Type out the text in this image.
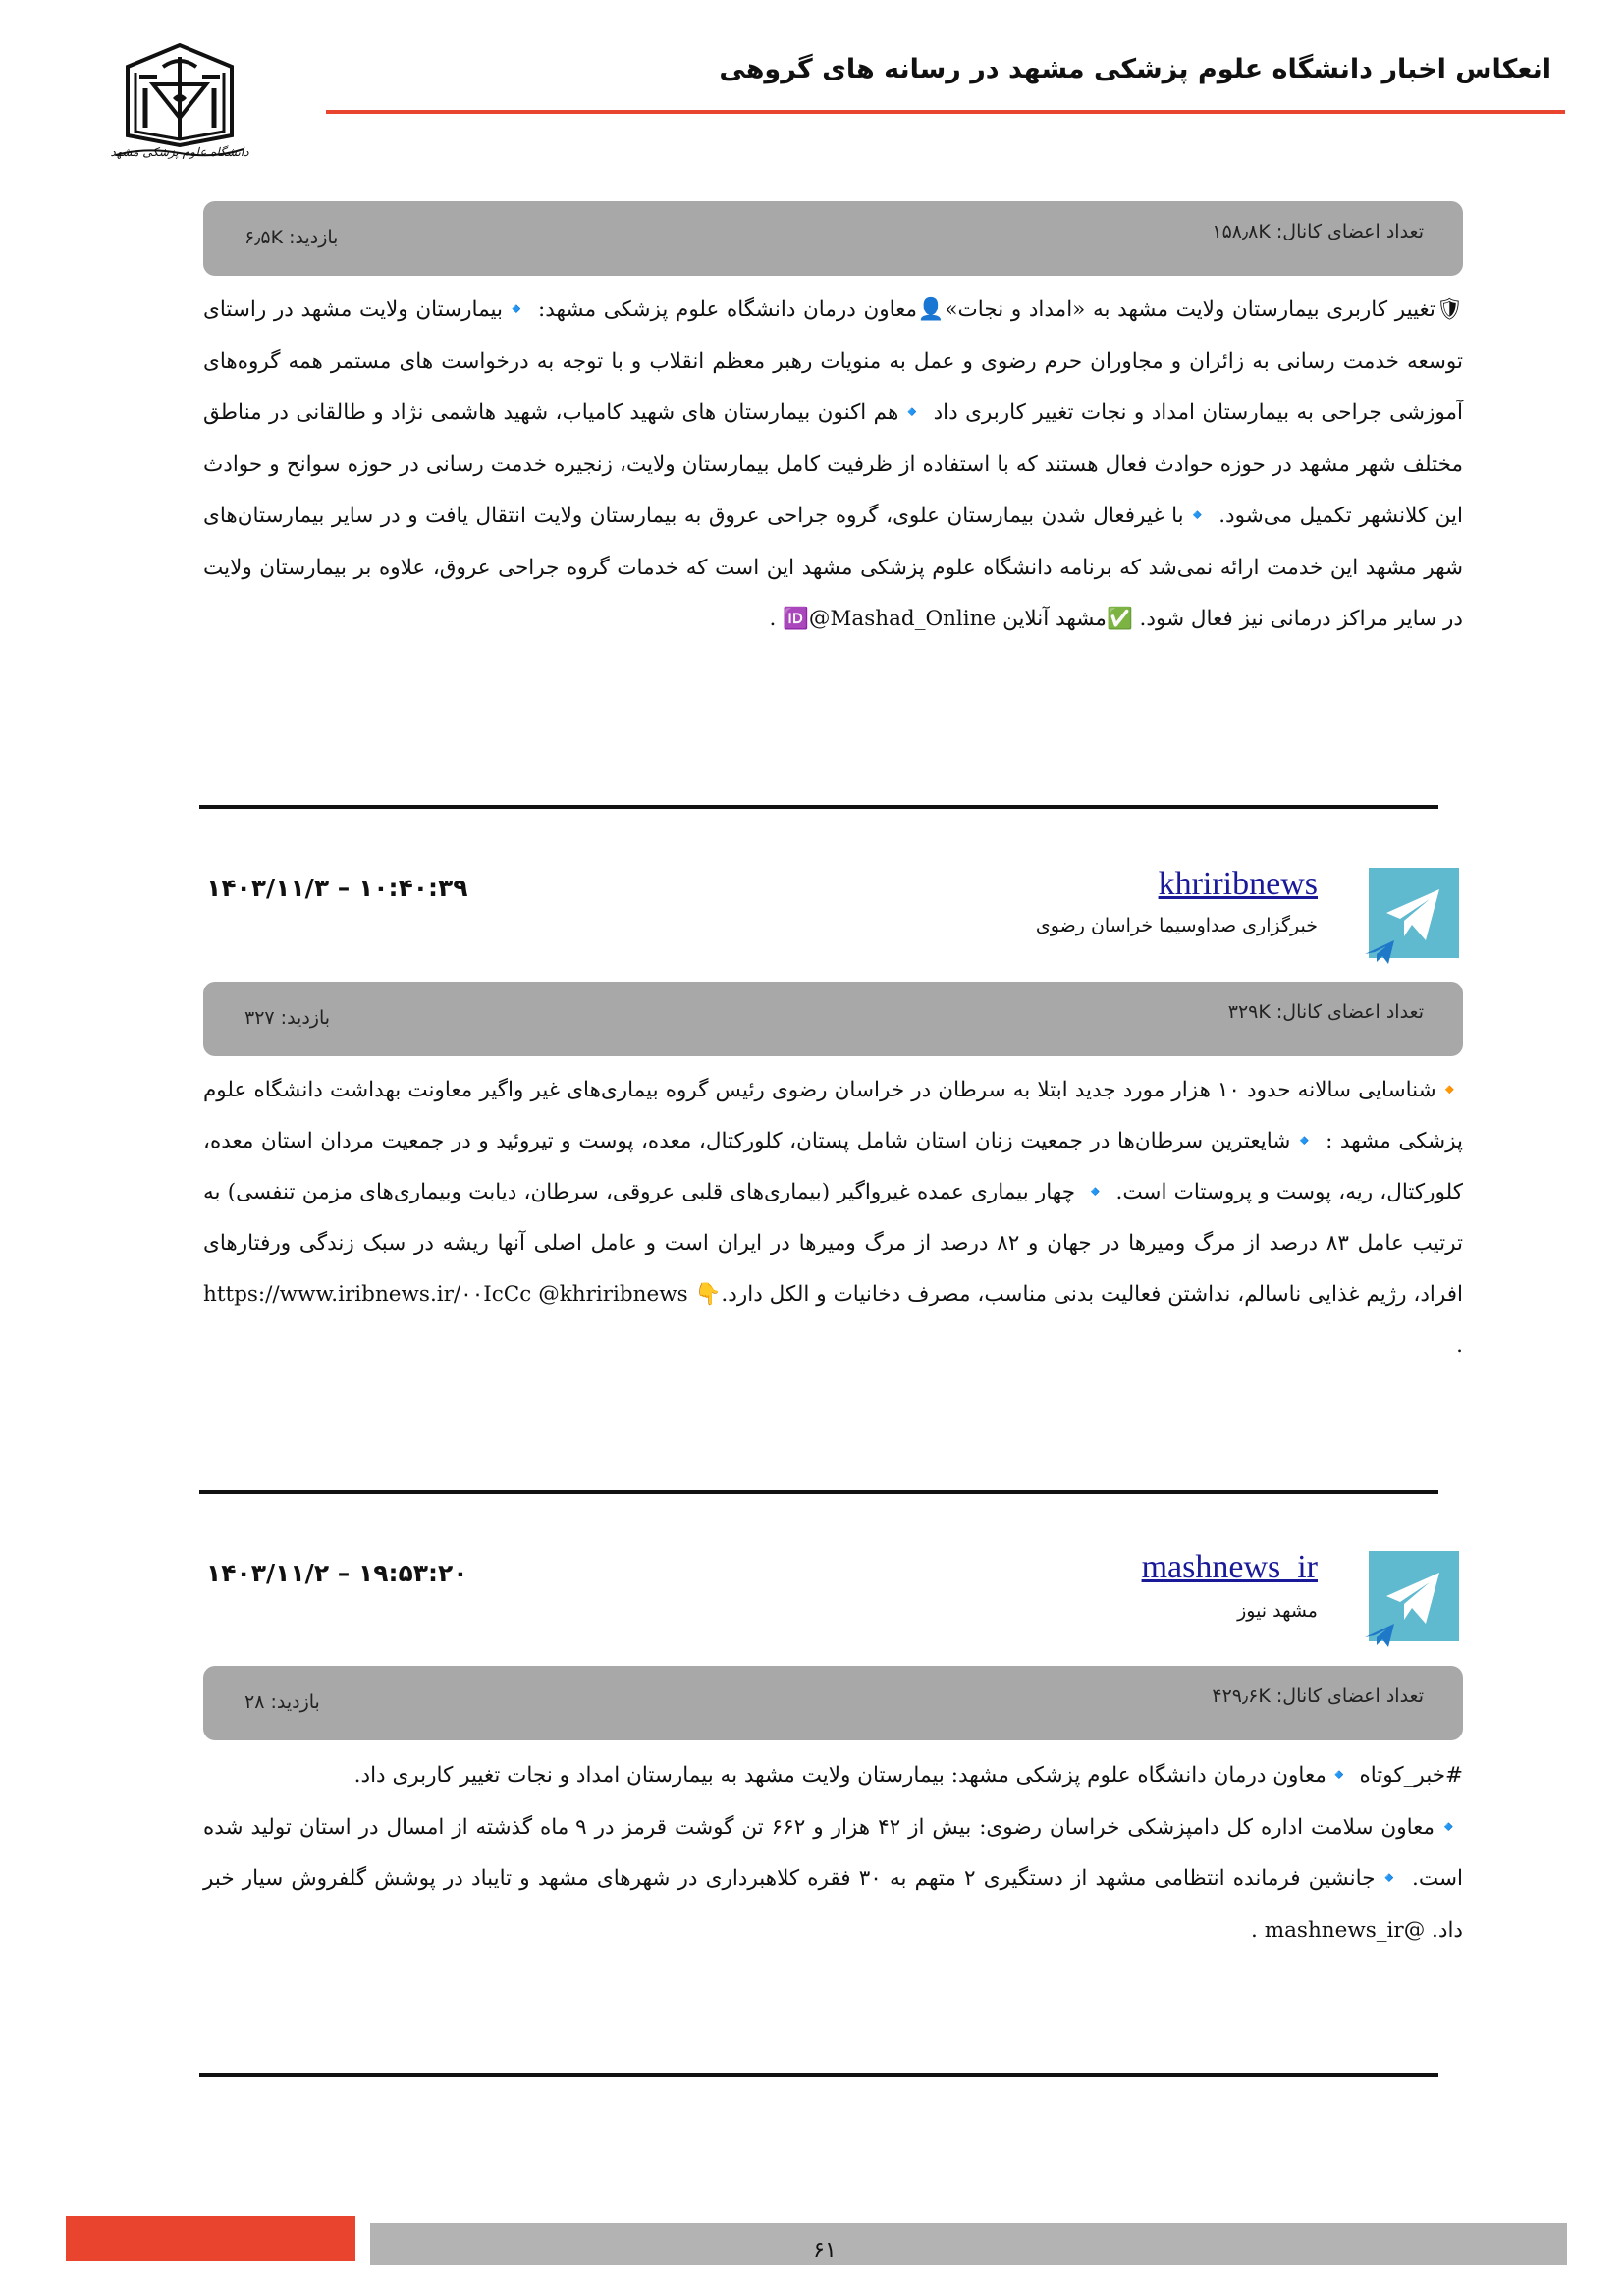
دانشگاه علوم پزشکی مشهد
انعکاس اخبار دانشگاه علوم پزشکی مشهد در رسانه های گروهی
تعداد اعضای کانال: ۱۵۸٫۸K
بازدید: ۶٫۵K

🛡تغییر کاربری بیمارستان ولایت مشهد به «امداد و نجات»👤معاون درمان دانشگاه علوم پزشکی مشهد: 🔹بیمارستان ولایت مشهد در راستای توسعه خدمت رسانی به زائران و مجاوران حرم رضوی و عمل به منویات رهبر معظم انقلاب و با توجه به درخواست های مستمر همه گروه‌های آموزشی جراحی به بیمارستان امداد و نجات تغییر کاربری داد 🔹هم اکنون بیمارستان های شهید کامیاب، شهید هاشمی نژاد و طالقانی در مناطق مختلف شهر مشهد در حوزه حوادث فعال هستند که با استفاده از ظرفیت کامل بیمارستان ولایت، زنجیره خدمت رسانی در حوزه سوانح و حوادث این کلانشهر تکمیل می‌شود. 🔹با غیرفعال شدن بیمارستان علوی، گروه جراحی عروق به بیمارستان ولایت انتقال یافت و در سایر بیمارستان‌های شهر مشهد این خدمت ارائه نمی‌شد که برنامه دانشگاه علوم پزشکی مشهد این است که خدمات گروه جراحی عروق، علاوه بر بیمارستان ولایت در سایر مراکز درمانی نیز فعال شود. ✅مشهد آنلاین 🆔@Mashad_Online .

khriribnews
خبرگزاری صداوسیما خراسان رضوی
۱۴۰۳/۱۱/۳ – ۱۰:۴۰:۳۹
تعداد اعضای کانال: ۳۲۹K
بازدید: ۳۲۷

🔸شناسایی سالانه حدود ۱۰ هزار مورد جدید ابتلا به سرطان در خراسان رضوی رئیس گروه بیماری‌های غیر واگیر معاونت بهداشت دانشگاه علوم پزشکی مشهد : 🔹شایعترین سرطان‌ها در جمعیت زنان استان شامل پستان، کلورکتال، معده، پوست و تیروئید و در جمعیت مردان استان معده، کلورکتال، ریه، پوست و پروستات است. 🔹 چهار بیماری عمده غیرواگیر (بیماری‌های قلبی عروقی، سرطان، دیابت وبیماری‌های مزمن تنفسی) به ترتیب عامل ۸۳ درصد از مرگ ومیرها در جهان و ۸۲ درصد از مرگ ومیرها در ایران است و عامل اصلی آنها ریشه در سبک زندگی ورفتارهای افراد، رژیم غذایی ناسالم، نداشتن فعالیت بدنی مناسب، مصرف دخانیات و الکل دارد.👇 https://www.iribnews.ir/۰۰IcCc @khriribnews .

mashnews_ir
مشهد نیوز
۱۴۰۳/۱۱/۲ – ۱۹:۵۳:۲۰
تعداد اعضای کانال: ۴۲۹٫۶K
بازدید: ۲۸

#خبر_کوتاه 🔹معاون درمان دانشگاه علوم پزشکی مشهد: بیمارستان ولایت مشهد به بیمارستان امداد و نجات تغییر کاربری داد.

🔹معاون سلامت اداره کل دامپزشکی خراسان رضوی: بیش از ۴۲ هزار و ۶۶۲ تن گوشت قرمز در ۹ ماه گذشته از امسال در استان تولید شده است. 🔹جانشین فرمانده انتظامی مشهد از دستگیری ۲ متهم به ۳۰ فقره کلاهبرداری در شهرهای مشهد و تایباد در پوشش گلفروش سیار خبر داد. @mashnews_ir .

۶۱
